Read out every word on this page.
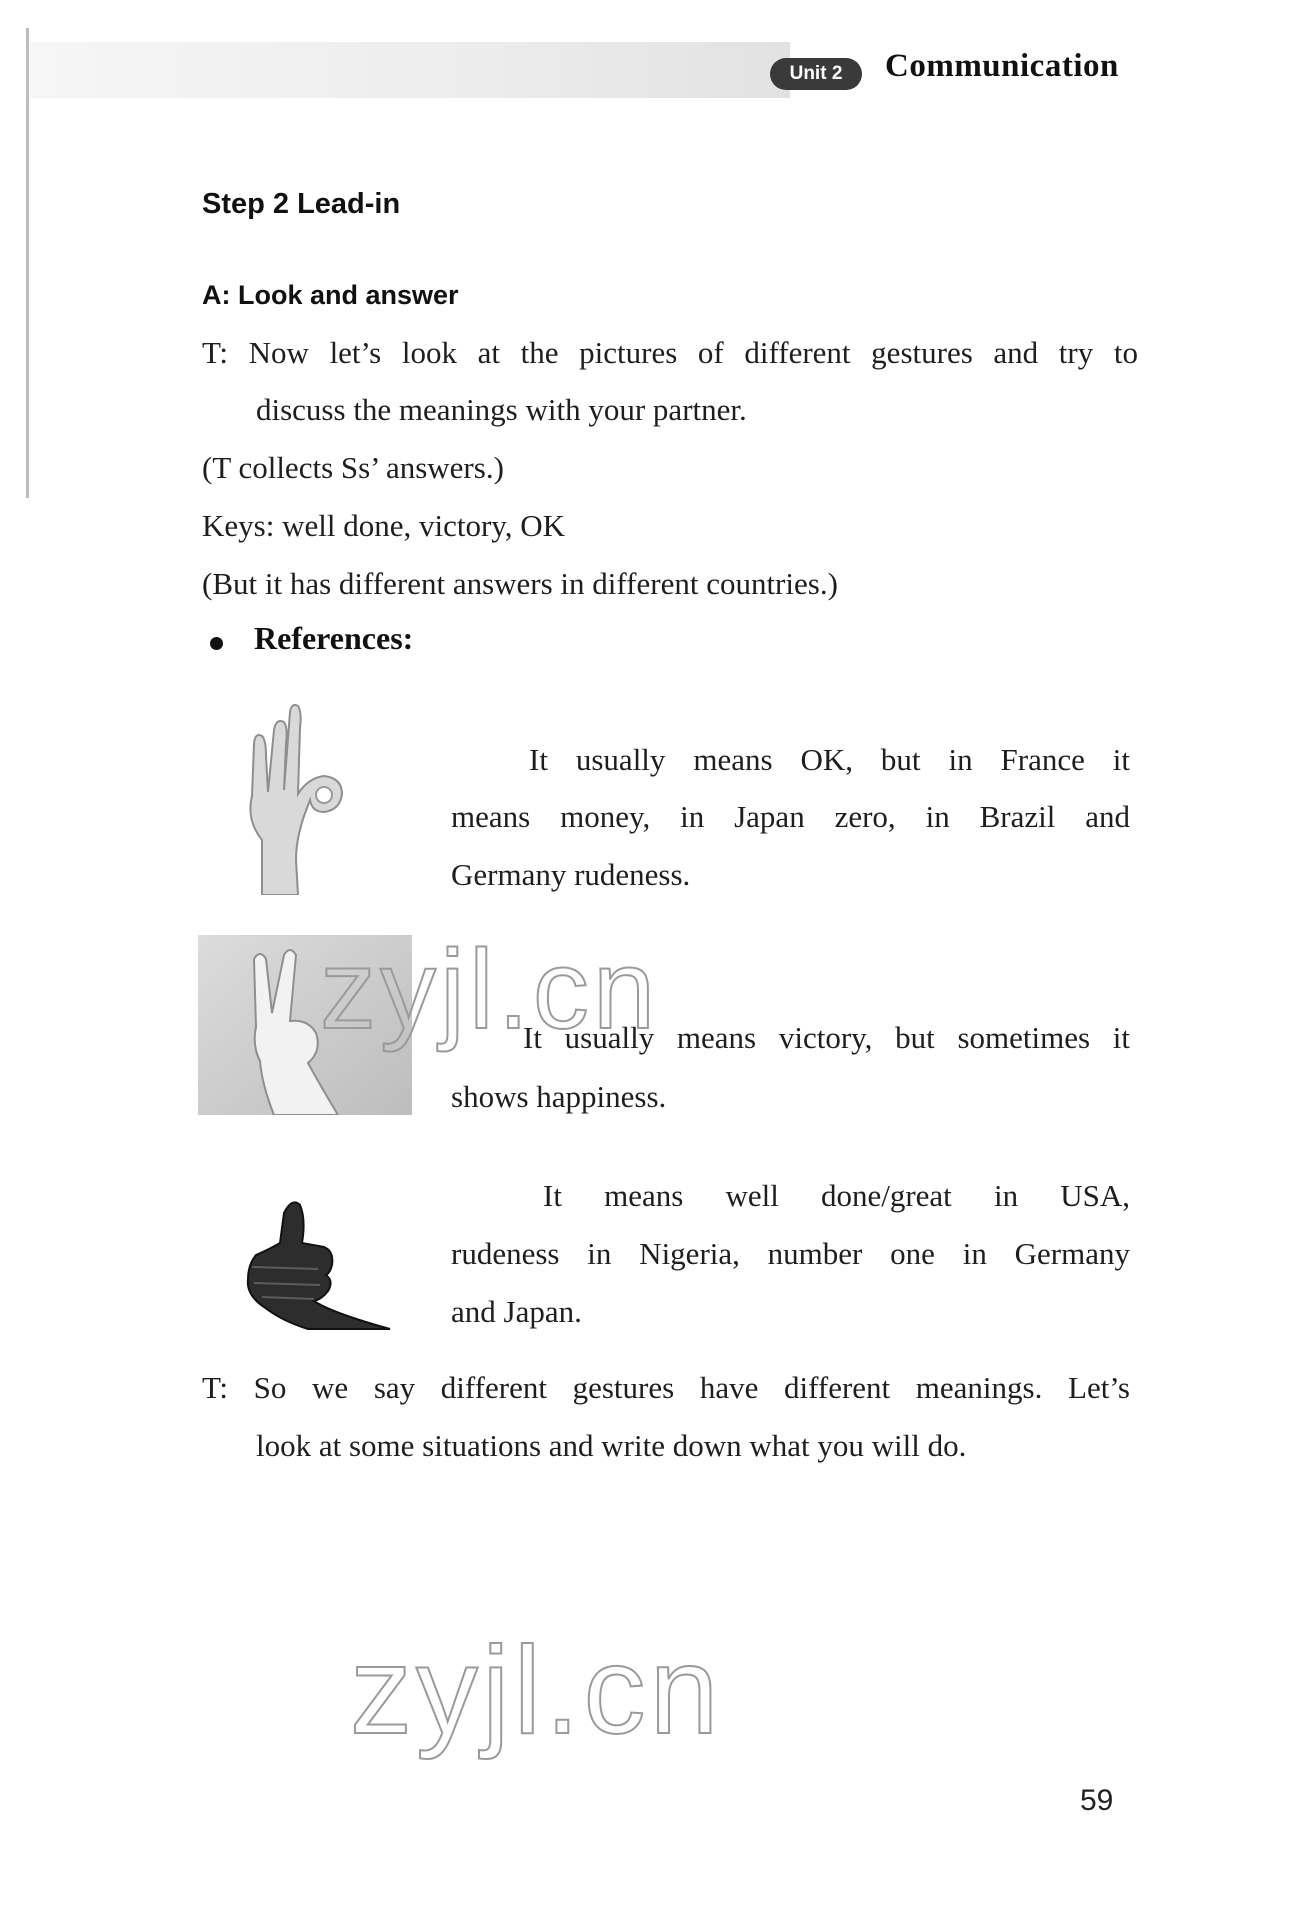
Unit 2	Communication
Step 2 Lead-in
A: Look and answer
T: Now let’s look at the pictures of different gestures and try to
discuss the meanings with your partner.
(T collects Ss’ answers.)
Keys: well done, victory, OK
(But it has different answers in different countries.)
References:
It usually means OK, but in France it
means money, in Japan zero, in Brazil and
Germany rudeness.
It usually means victory, but sometimes it
shows happiness.
It means well done/great in USA,
rudeness in Nigeria, number one in Germany
and Japan.
T: So we say different gestures have different meanings. Let’s
look at some situations and write down what you will do.
zyjl.cn
zyjl.cn
59
